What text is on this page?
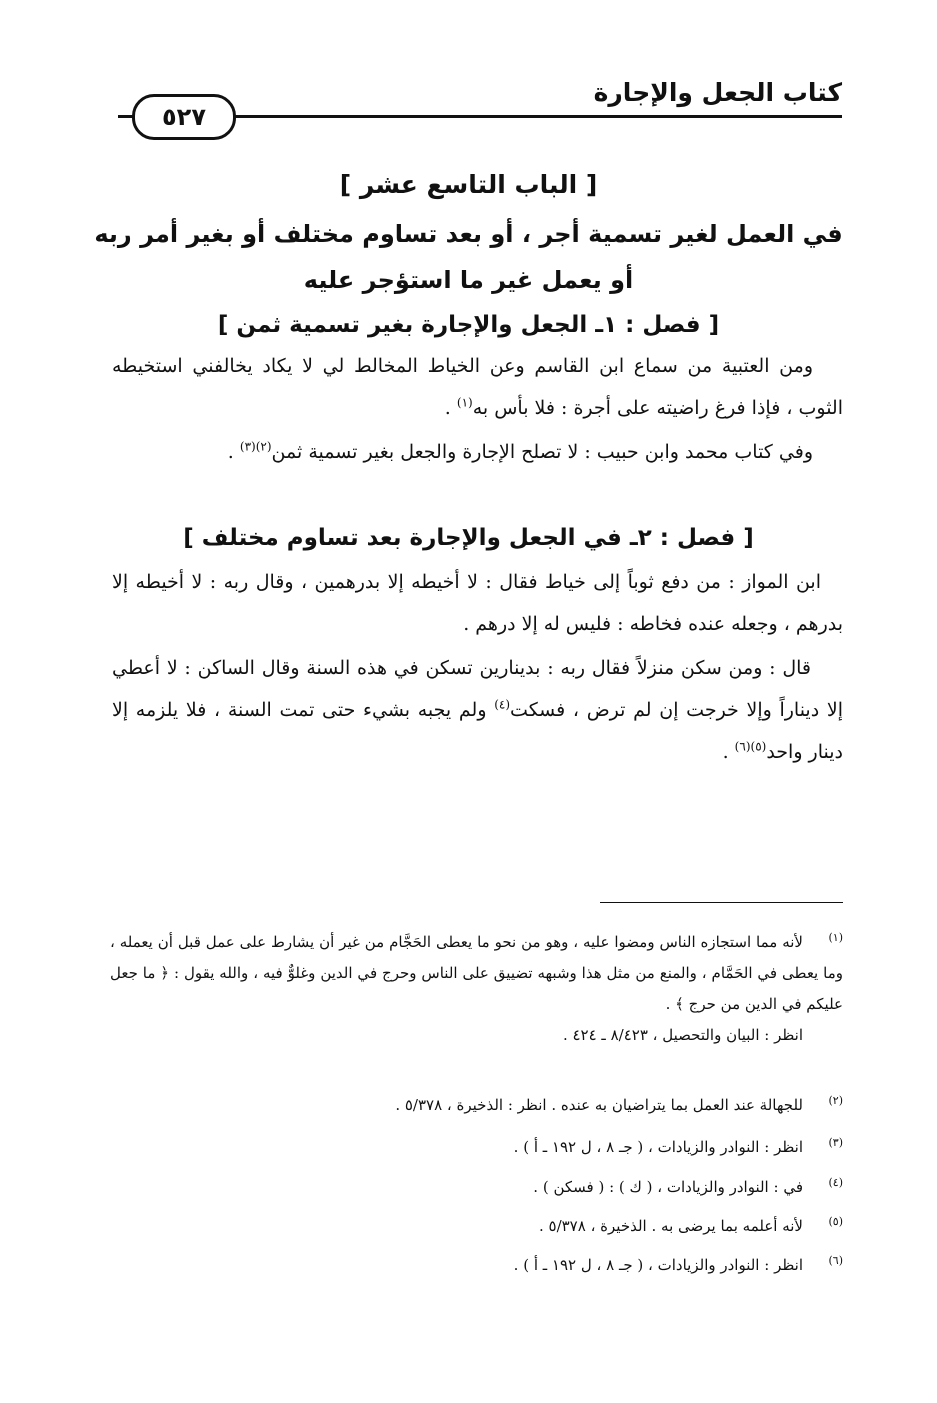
كتاب الجعل والإجارة
٥٢٧
[ الباب التاسع عشر ]
في العمل لغير تسمية أجر ، أو بعد تساوم مختلف أو بغير أمر ربه
أو يعمل غير ما استؤجر عليه
[ فصل : ١ـ الجعل والإجارة بغير تسمية ثمن ]
ومن العتبية من سماع ابن القاسم وعن الخياط المخالط لي لا يكاد يخالفني استخيطه الثوب ، فإذا فرغ راضيته على أجرة : فلا بأس به$^{(١)}$ .
وفي كتاب محمد وابن حبيب : لا تصلح الإجارة والجعل بغير تسمية ثمن$^{(٢)(٣)}$ .
[ فصل : ٢ـ في الجعل والإجارة بعد تساوم مختلف ]
ابن المواز : من دفع ثوباً إلى خياط فقال : لا أخيطه إلا بدرهمين ، وقال ربه : لا أخيطه إلا بدرهم ، وجعله عنده فخاطه : فليس له إلا درهم .
قال : ومن سكن منزلاً فقال ربه : بدينارين تسكن في هذه السنة وقال الساكن : لا أعطي إلا ديناراً وإلا خرجت إن لم ترض ، فسكت$^{(٤)}$ ولم يجبه بشيء حتى تمت السنة ، فلا يلزمه إلا دينار واحد$^{(٥)(٦)}$ .
(١)لأنه مما استجازه الناس ومضوا عليه ، وهو من نحو ما يعطى الحَجَّام من غير أن يشارط على عمل قبل أن يعمله ، وما يعطى في الحَمَّام ، والمنع من مثل هذا وشبهه تضييق على الناس وحرج في الدين وغلوٌّ فيه ، والله يقول : ﴿ ما جعل عليكم في الدين من حرج ﴾ .
انظر : البيان والتحصيل ، ٨/٤٢٣ ـ ٤٢٤ .
(٢)للجهالة عند العمل بما يتراضيان به عنده . انظر : الذخيرة ، ٥/٣٧٨ .
(٣)انظر : النوادر والزيادات ، ( جـ ٨ ، ل ١٩٢ ـ أ ) .
(٤)في : النوادر والزيادات ، ( ك ) : ( فسكن ) .
(٥)لأنه أعلمه بما يرضى به . الذخيرة ، ٥/٣٧٨ .
(٦)انظر : النوادر والزيادات ، ( جـ ٨ ، ل ١٩٢ ـ أ ) .
